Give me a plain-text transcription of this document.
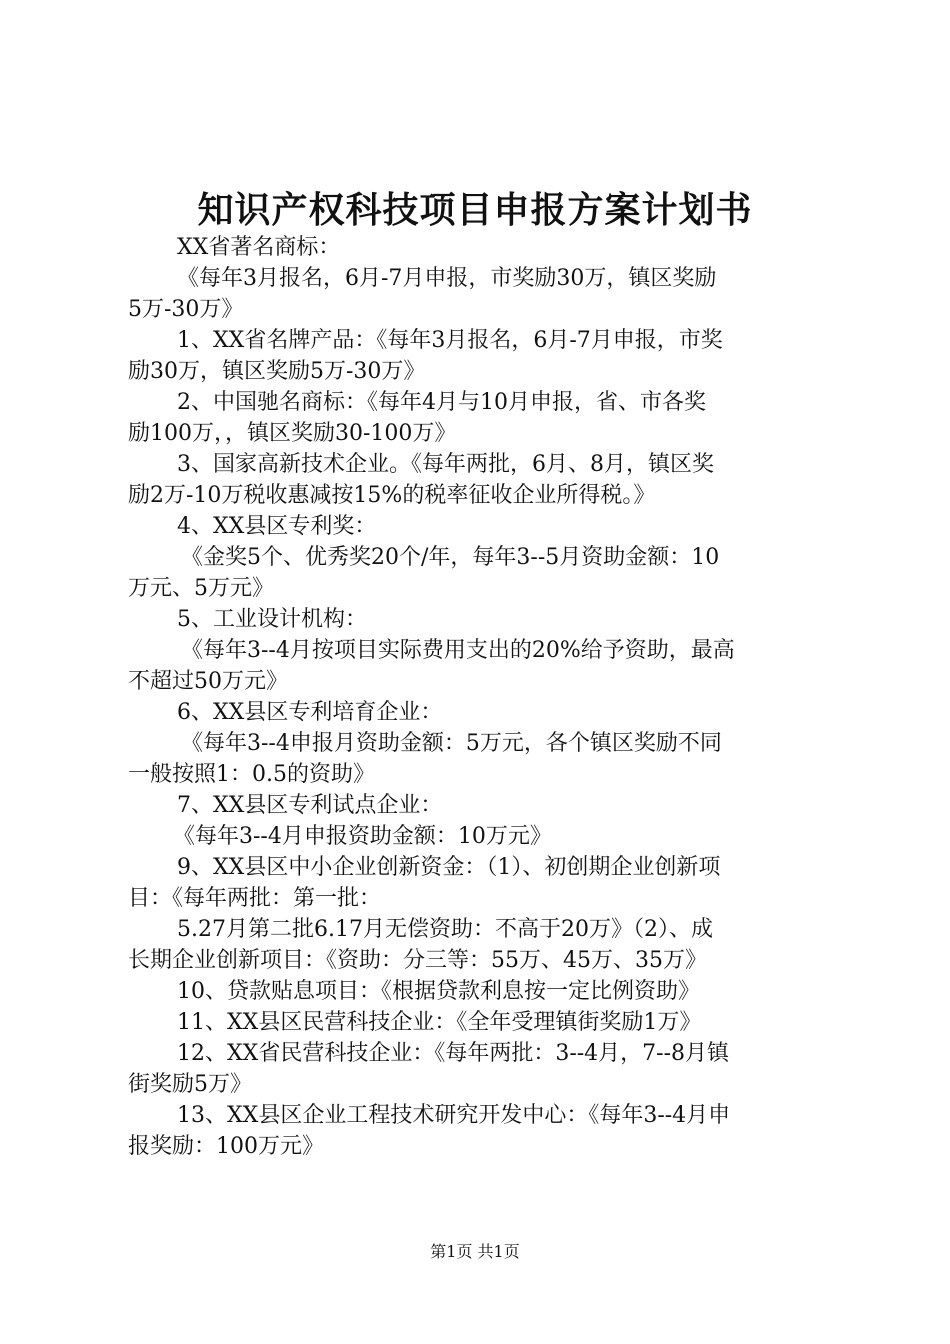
知识产权科技项目申报方案计划书

XX省著名商标：

《每年3月报名，6月-7月申报，市奖励30万，镇区奖励

5万-30万》

1、XX省名牌产品：《每年3月报名，6月-7月申报，市奖

励30万，镇区奖励5万-30万》

2、中国驰名商标：《每年4月与10月申报，省、市各奖

励100万，，镇区奖励30-100万》

3、国家高新技术企业。《每年两批，6月、8月，镇区奖

励2万-10万税收惠减按15%的税率征收企业所得税。》

4、XX县区专利奖：

《金奖5个、优秀奖20个/年，每年3--5月资助金额：10

万元、5万元》

5、工业设计机构：

《每年3--4月按项目实际费用支出的20%给予资助，最高

不超过50万元》

6、XX县区专利培育企业：

《每年3--4申报月资助金额：5万元，各个镇区奖励不同

一般按照1：0.5的资助》

7、XX县区专利试点企业：

《每年3--4月申报资助金额：10万元》

9、XX县区中小企业创新资金：（1）、初创期企业创新项

目：《每年两批：第一批：

5.27月第二批6.17月无偿资助：不高于20万》（2）、成

长期企业创新项目：《资助：分三等：55万、45万、35万》

10、贷款贴息项目：《根据贷款利息按一定比例资助》

11、XX县区民营科技企业：《全年受理镇街奖励1万》

12、XX省民营科技企业：《每年两批：3--4月，7--8月镇

街奖励5万》

13、XX县区企业工程技术研究开发中心：《每年3--4月申

报奖励：100万元》

第1页 共1页
